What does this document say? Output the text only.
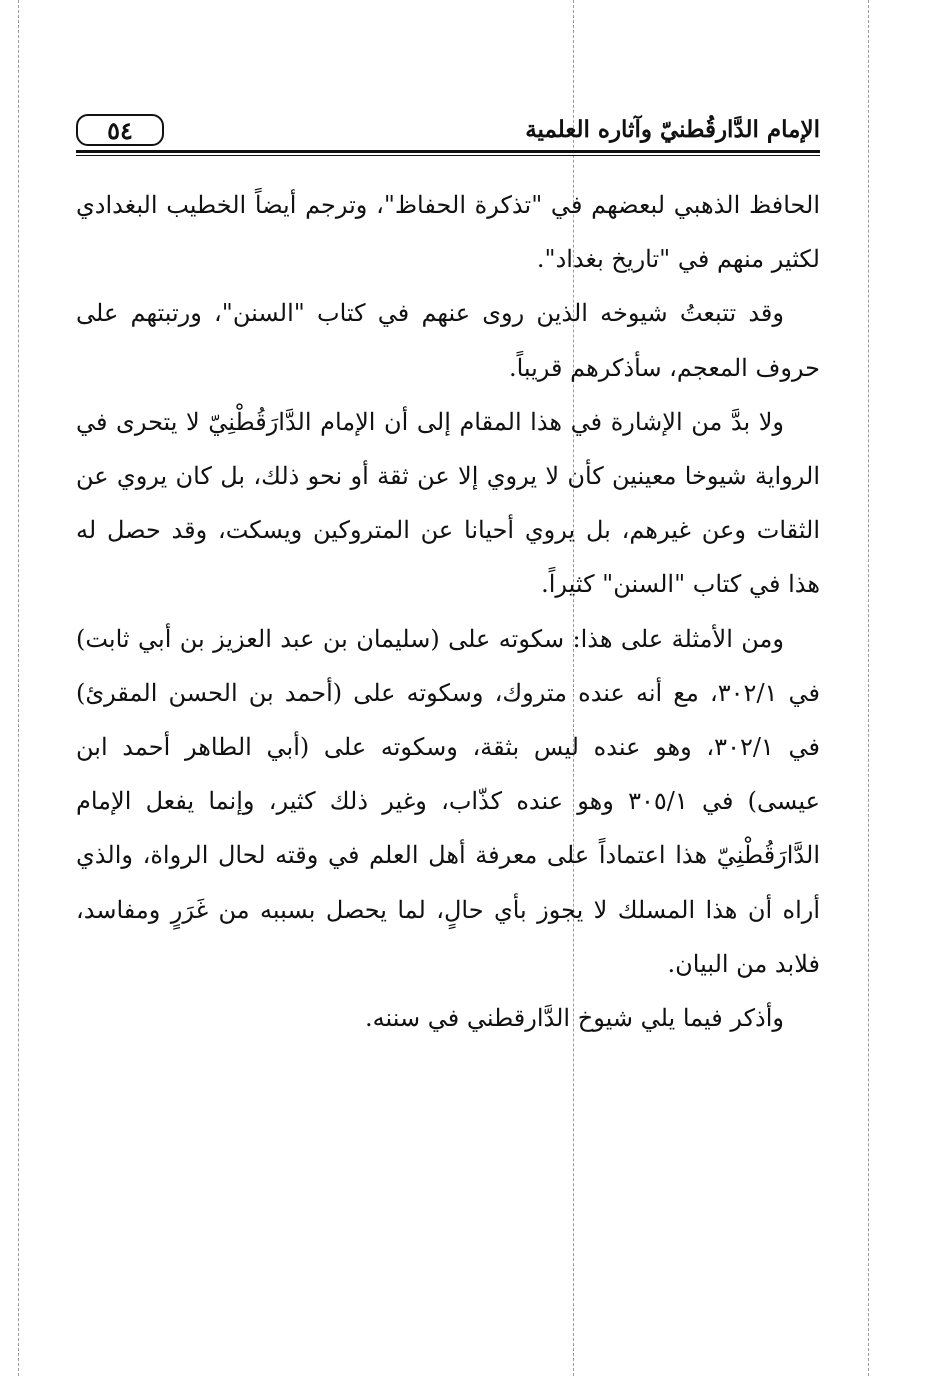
٥٤	الإمام الدَّارقُطنيّ وآثاره العلمية

الحافظ الذهبي لبعضهم في "تذكرة الحفاظ"، وترجم أيضاً الخطيب البغدادي لكثير منهم في "تاريخ بغداد".

وقد تتبعتُ شيوخه الذين روى عنهم في كتاب "السنن"، ورتبتهم على حروف المعجم، سأذكرهم قريباً.

ولا بدَّ من الإشارة في هذا المقام إلى أن الإمام الدَّارَقُطْنِيّ لا يتحرى في الرواية شيوخا معينين كأن لا يروي إلا عن ثقة أو نحو ذلك، بل كان يروي عن الثقات وعن غيرهم، بل يروي أحيانا عن المتروكين ويسكت، وقد حصل له هذا في كتاب "السنن" كثيراً.

ومن الأمثلة على هذا: سكوته على (سليمان بن عبد العزيز بن أبي ثابت) في ٣٠٢/١، مع أنه عنده متروك، وسكوته على (أحمد بن الحسن المقرئ) في ٣٠٢/١، وهو عنده ليس بثقة، وسكوته على (أبي الطاهر أحمد ابن عيسى) في ٣٠٥/١ وهو عنده كذّاب، وغير ذلك كثير، وإنما يفعل الإمام الدَّارَقُطْنِيّ هذا اعتماداً على معرفة أهل العلم في وقته لحال الرواة، والذي أراه أن هذا المسلك لا يجوز بأي حالٍ، لما يحصل بسببه من غَرَرٍ ومفاسد، فلابد من البيان.

وأذكر فيما يلي شيوخ الدَّارقطني في سننه.
